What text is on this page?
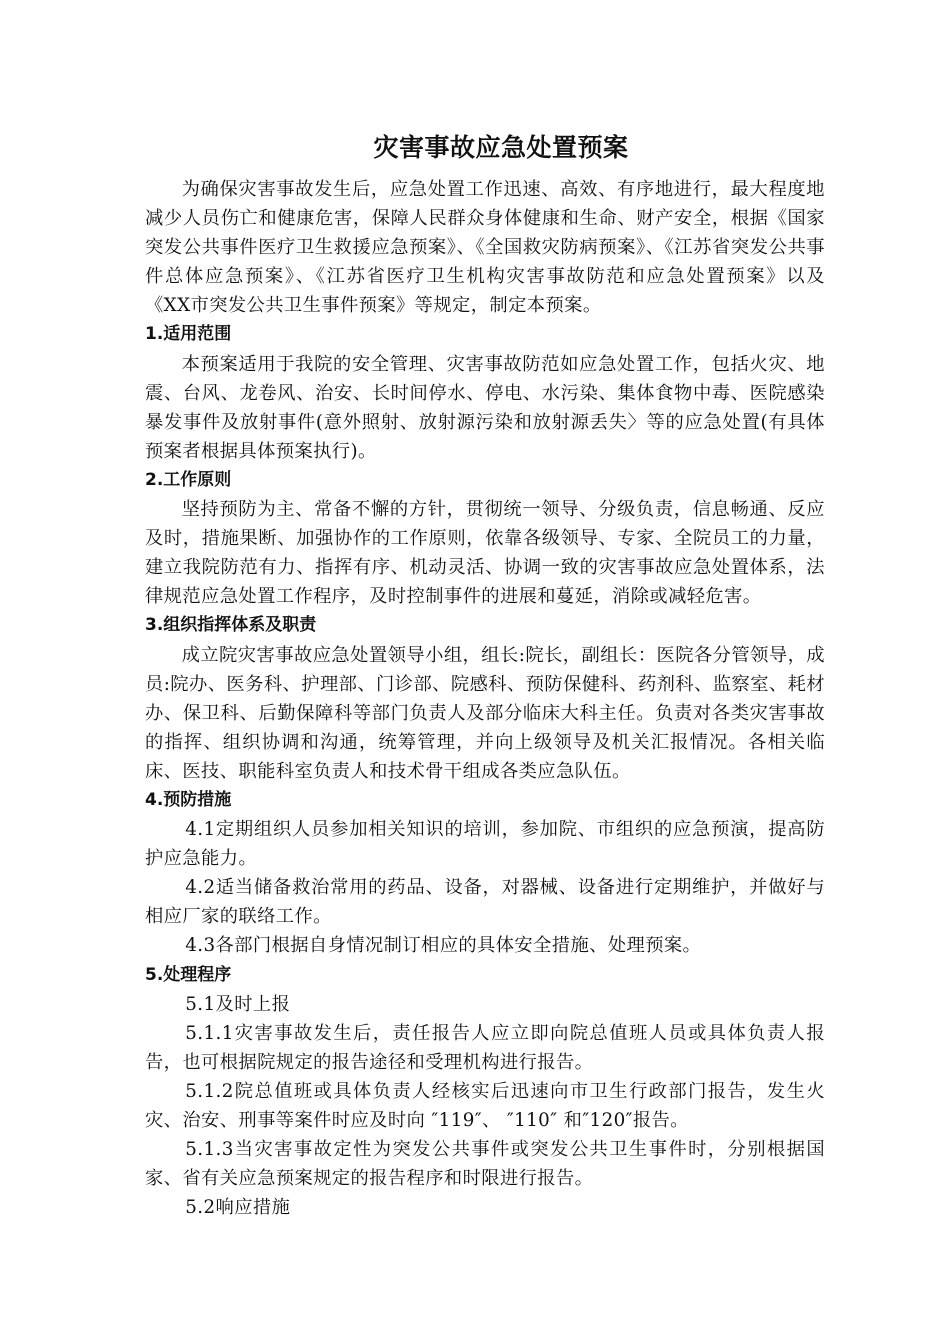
灾害事故应急处置预案

为确保灾害事故发生后，应急处置工作迅速、高效、有序地进行，最大程度地减少人员伤亡和健康危害，保障人民群众身体健康和生命、财产安全，根据《国家突发公共事件医疗卫生救援应急预案》、《全国救灾防病预案》、《江苏省突发公共事件总体应急预案》、《江苏省医疗卫生机构灾害事故防范和应急处置预案》以及《XX市突发公共卫生事件预案》等规定，制定本预案。

1.适用范围

本预案适用于我院的安全管理、灾害事故防范如应急处置工作，包括火灾、地震、台风、龙卷风、治安、长时间停水、停电、水污染、集体食物中毒、医院感染暴发事件及放射事件(意外照射、放射源污染和放射源丢失〉等的应急处置(有具体预案者根据具体预案执行)。

2.工作原则

坚持预防为主、常备不懈的方针，贯彻统一领导、分级负责，信息畅通、反应及时，措施果断、加强协作的工作原则，依靠各级领导、专家、全院员工的力量，建立我院防范有力、指挥有序、机动灵活、协调一致的灾害事故应急处置体系，法律规范应急处置工作程序，及时控制事件的进展和蔓延，消除或减轻危害。

3.组织指挥体系及职责

成立院灾害事故应急处置领导小组，组长:院长，副组长：医院各分管领导，成员:院办、医务科、护理部、门诊部、院感科、预防保健科、药剂科、监察室、耗材办、保卫科、后勤保障科等部门负责人及部分临床大科主任。负责对各类灾害事故的指挥、组织协调和沟通，统筹管理，并向上级领导及机关汇报情况。各相关临床、医技、职能科室负责人和技术骨干组成各类应急队伍。

4.预防措施

4.1定期组织人员参加相关知识的培训，参加院、市组织的应急预演，提高防护应急能力。

4.2适当储备救治常用的药品、设备，对器械、设备进行定期维护，并做好与相应厂家的联络工作。

4.3各部门根据自身情况制订相应的具体安全措施、处理预案。

5.处理程序

5.1及时上报

5.1.1灾害事故发生后，责任报告人应立即向院总值班人员或具体负责人报告，也可根据院规定的报告途径和受理机构进行报告。

5.1.2院总值班或具体负责人经核实后迅速向市卫生行政部门报告，发生火灾、治安、刑事等案件时应及时向 ″119″、 ″110″ 和″120″报告。

5.1.3当灾害事故定性为突发公共事件或突发公共卫生事件时，分别根据国家、省有关应急预案规定的报告程序和时限进行报告。

5.2响应措施
